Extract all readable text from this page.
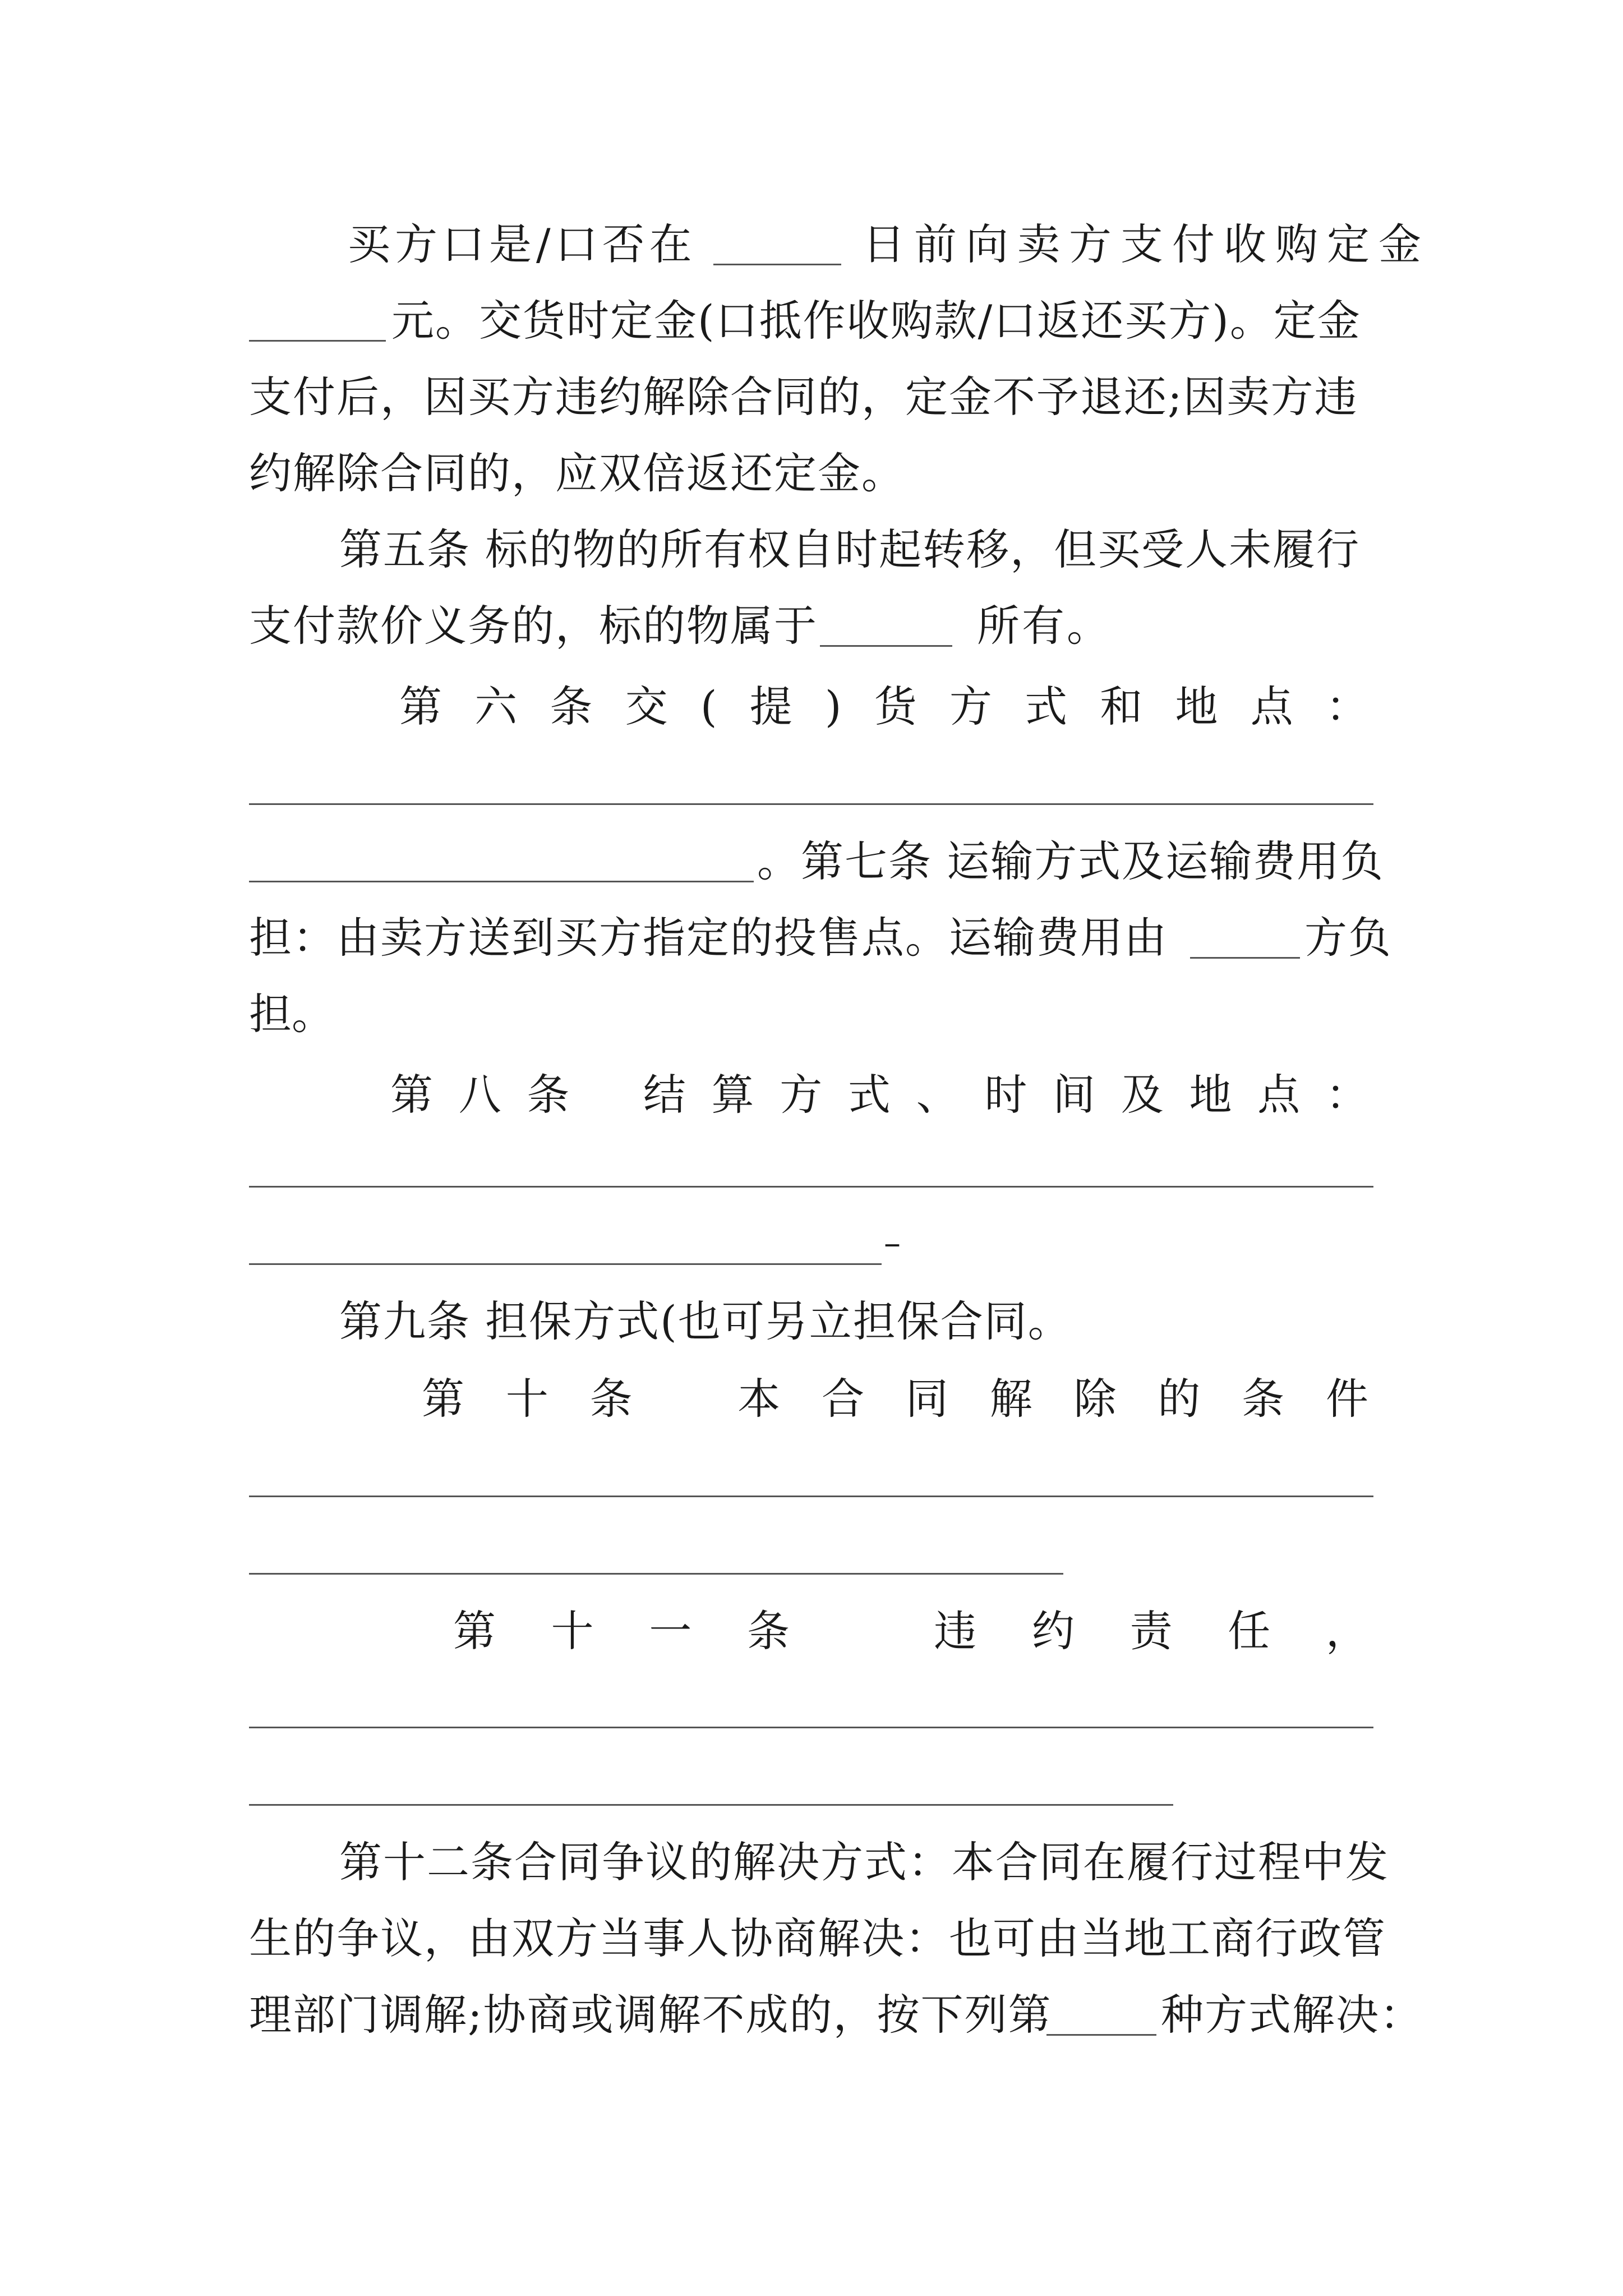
买方口是/口否在	日前向卖方支付收购定金
元。交货时定金(口抵作收购款/口返还买方)。定金
支付后，因买方违约解除合同的，定金不予退还;因卖方违
约解除合同的，应双倍返还定金。
第五条 标的物的所有权自时起转移，但买受人未履行
支付款价义务的，标的物属于	所有。
第 六 条 交 ( 提 ) 货 方 式 和 地 点 ：
。第七条 运输方式及运输费用负
担：由卖方送到买方指定的投售点。运输费用由	方负
担。
第 八 条 结 算 方 式 、 时 间 及 地 点 ：
–
第九条 担保方式(也可另立担保合同。
第 十 条 本 合 同 解 除 的 条 件
第 十 一 条	违 约 责 任 ，
第十二条合同争议的解决方式：本合同在履行过程中发
生的争议，由双方当事人协商解决：也可由当地工商行政管
理部门调解;协商或调解不成的，按下列第	种方式解决：
